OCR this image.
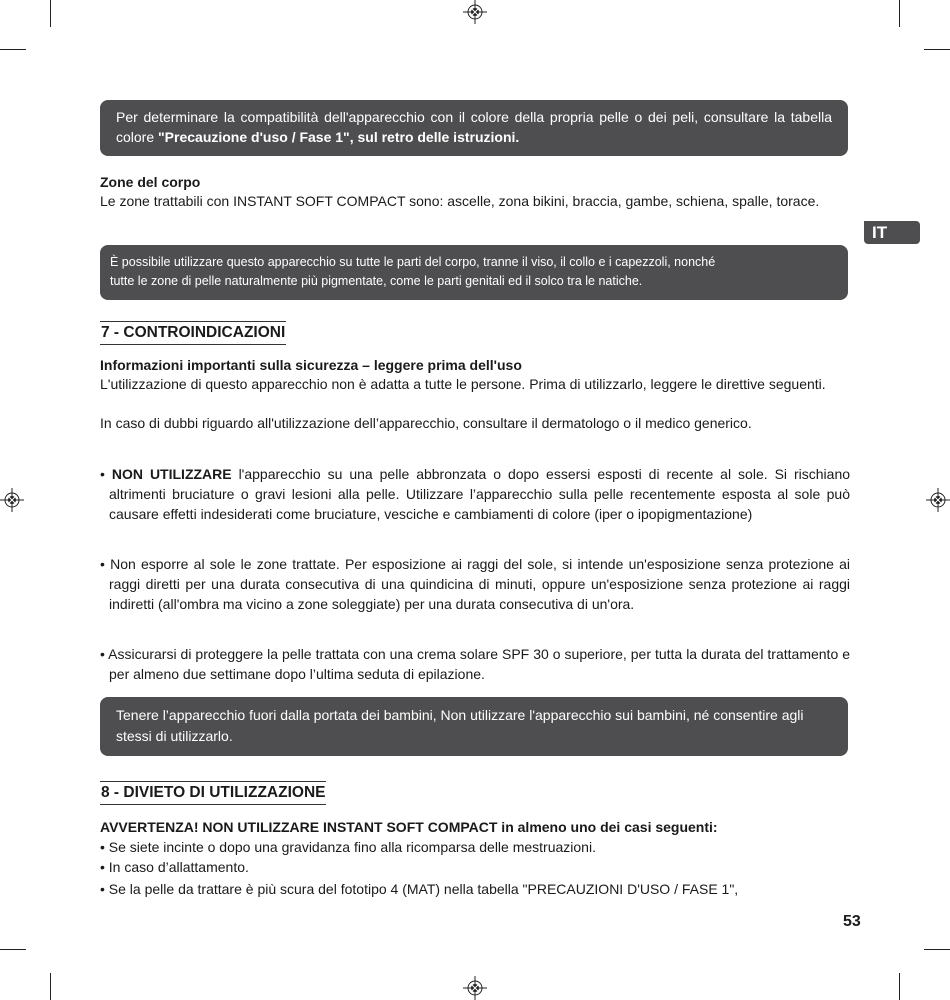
Per determinare la compatibilità dell'apparecchio con il colore della propria pelle o dei peli, consultare la tabella colore "Precauzione d'uso / Fase 1", sul retro delle istruzioni.

IT
Zone del corpo
Le zone trattabili con INSTANT SOFT COMPACT sono: ascelle, zona bikini, braccia, gambe, schiena, spalle, torace.

È possibile utilizzare questo apparecchio su tutte le parti del corpo, tranne il viso, il collo e i capezzoli, nonché

tutte le zone di pelle naturalmente più pigmentate, come le parti genitali ed il solco tra le natiche.

7 - CONTROINDICAZIONI
Informazioni importanti sulla sicurezza – leggere prima dell'uso
L'utilizzazione di questo apparecchio non è adatta a tutte le persone. Prima di utilizzarlo, leggere le direttive seguenti.
In caso di dubbi riguardo all'utilizzazione dell’apparecchio, consultare il dermatologo o il medico generico.
• NON UTILIZZARE l'apparecchio su una pelle abbronzata o dopo essersi esposti di recente al sole. Si rischiano altrimenti bruciature o gravi lesioni alla pelle. Utilizzare l’apparecchio sulla pelle recentemente esposta al sole può causare effetti indesiderati come bruciature, vesciche e cambiamenti di colore (iper o ipopigmentazione)
• Non esporre al sole le zone trattate. Per esposizione ai raggi del sole, si intende un'esposizione senza protezione ai raggi diretti per una durata consecutiva di una quindicina di minuti, oppure un'esposizione senza protezione ai raggi indiretti (all'ombra ma vicino a zone soleggiate) per una durata consecutiva di un'ora.
• Assicurarsi di proteggere la pelle trattata con una crema solare SPF 30 o superiore, per tutta la durata del trattamento e per almeno due settimane dopo l’ultima seduta di epilazione.

Tenere l’apparecchio fuori dalla portata dei bambini, Non utilizzare l'apparecchio sui bambini, né consentire agli stessi di utilizzarlo.

8 - DIVIETO DI UTILIZZAZIONE
AVVERTENZA! NON UTILIZZARE INSTANT SOFT COMPACT in almeno uno dei casi seguenti:
• Se siete incinte o dopo una gravidanza fino alla ricomparsa delle mestruazioni.
• In caso d’allattamento.
• Se la pelle da trattare è più scura del fototipo 4 (MAT) nella tabella "PRECAUZIONI D'USO / FASE 1",
53
